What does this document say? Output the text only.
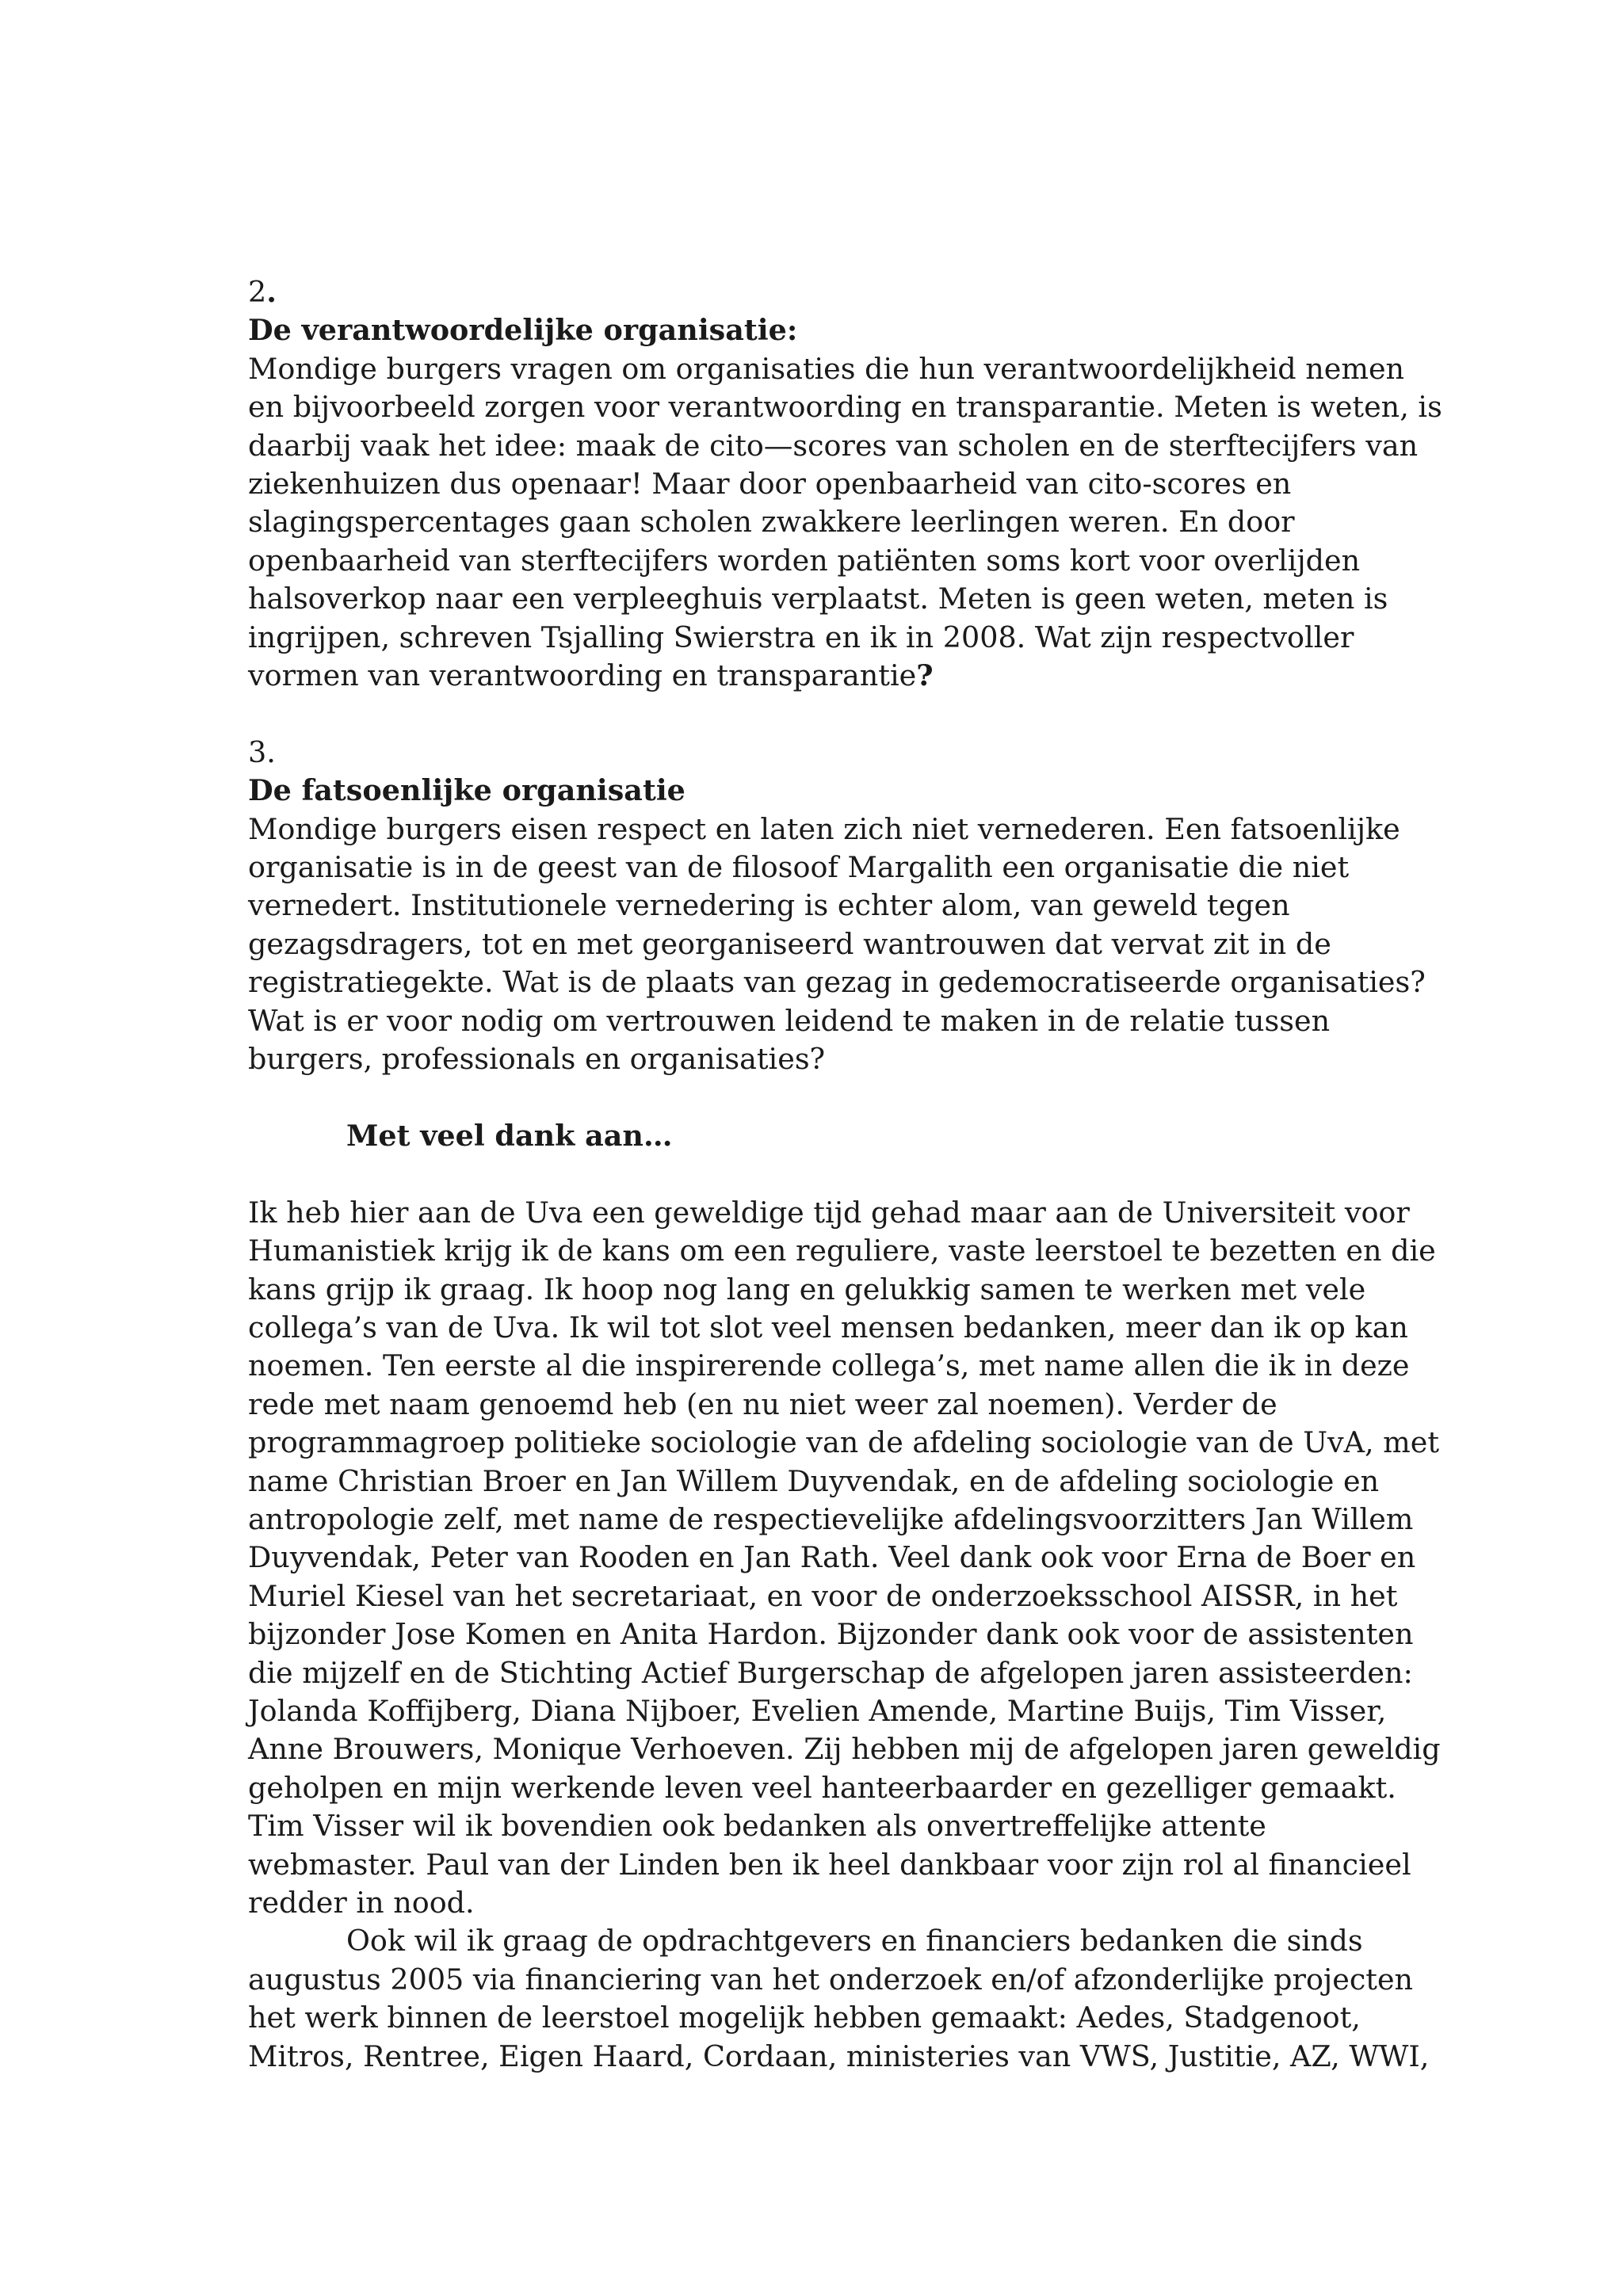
2.
De verantwoordelijke organisatie:
Mondige burgers vragen om organisaties die hun verantwoordelijkheid nemen
en bijvoorbeeld zorgen voor verantwoording en transparantie. Meten is weten, is
daarbij vaak het idee: maak de cito—scores van scholen en de sterftecijfers van
ziekenhuizen dus openaar! Maar door openbaarheid van cito-scores en
slagingspercentages gaan scholen zwakkere leerlingen weren. En door
openbaarheid van sterftecijfers worden patiënten soms kort voor overlijden
halsoverkop naar een verpleeghuis verplaatst. Meten is geen weten, meten is
ingrijpen, schreven Tsjalling Swierstra en ik in 2008. Wat zijn respectvoller
vormen van verantwoording en transparantie?
3.
De fatsoenlijke organisatie
Mondige burgers eisen respect en laten zich niet vernederen. Een fatsoenlijke
organisatie is in de geest van de filosoof Margalith een organisatie die niet
vernedert. Institutionele vernedering is echter alom, van geweld tegen
gezagsdragers, tot en met georganiseerd wantrouwen dat vervat zit in de
registratiegekte. Wat is de plaats van gezag in gedemocratiseerde organisaties?
Wat is er voor nodig om vertrouwen leidend te maken in de relatie tussen
burgers, professionals en organisaties?
Met veel dank aan…
Ik heb hier aan de Uva een geweldige tijd gehad maar aan de Universiteit voor
Humanistiek krijg ik de kans om een reguliere, vaste leerstoel te bezetten en die
kans grijp ik graag. Ik hoop nog lang en gelukkig samen te werken met vele
collega’s van de Uva. Ik wil tot slot veel mensen bedanken, meer dan ik op kan
noemen. Ten eerste al die inspirerende collega’s, met name allen die ik in deze
rede met naam genoemd heb (en nu niet weer zal noemen). Verder de
programmagroep politieke sociologie van de afdeling sociologie van de UvA, met
name Christian Broer en Jan Willem Duyvendak, en de afdeling sociologie en
antropologie zelf, met name de respectievelijke afdelingsvoorzitters Jan Willem
Duyvendak, Peter van Rooden en Jan Rath. Veel dank ook voor Erna de Boer en
Muriel Kiesel van het secretariaat, en voor de onderzoeksschool AISSR, in het
bijzonder Jose Komen en Anita Hardon. Bijzonder dank ook voor de assistenten
die mijzelf en de Stichting Actief Burgerschap de afgelopen jaren assisteerden:
Jolanda Koffijberg, Diana Nijboer, Evelien Amende, Martine Buijs, Tim Visser,
Anne Brouwers, Monique Verhoeven. Zij hebben mij de afgelopen jaren geweldig
geholpen en mijn werkende leven veel hanteerbaarder en gezelliger gemaakt.
Tim Visser wil ik bovendien ook bedanken als onvertreffelijke attente
webmaster. Paul van der Linden ben ik heel dankbaar voor zijn rol al financieel
redder in nood.
Ook wil ik graag de opdrachtgevers en financiers bedanken die sinds
augustus 2005 via financiering van het onderzoek en/of afzonderlijke projecten
het werk binnen de leerstoel mogelijk hebben gemaakt: Aedes, Stadgenoot,
Mitros, Rentree, Eigen Haard, Cordaan, ministeries van VWS, Justitie, AZ, WWI,
